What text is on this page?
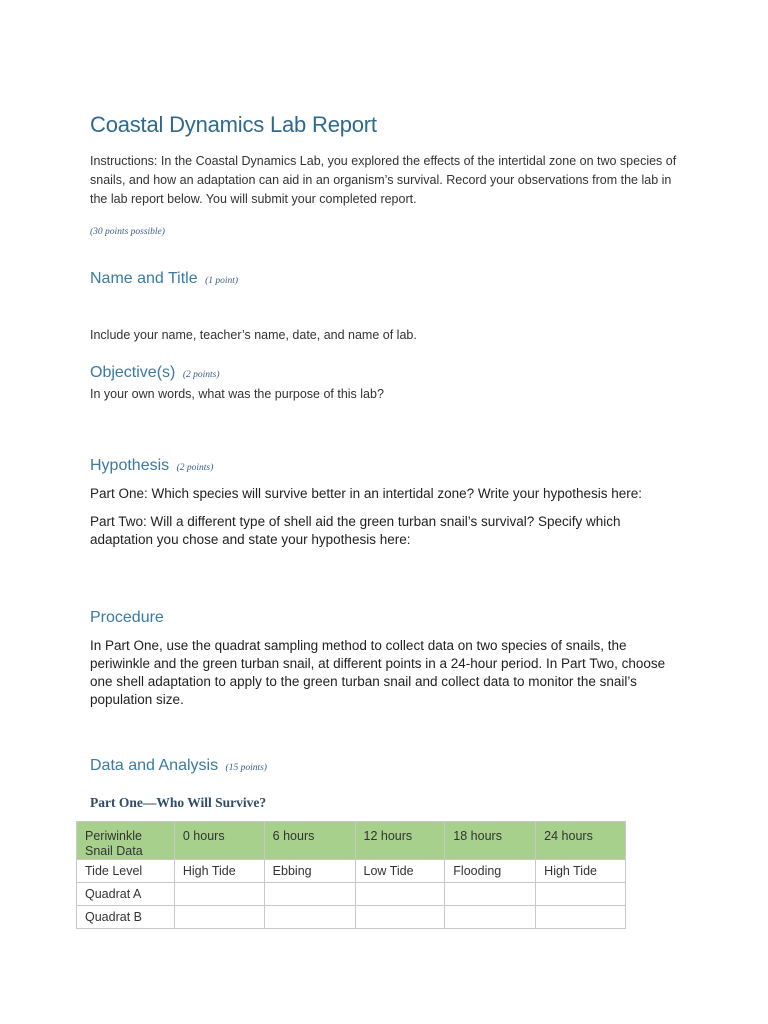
Coastal Dynamics Lab Report
Instructions: In the Coastal Dynamics Lab, you explored the effects of the intertidal zone on two species of snails, and how an adaptation can aid in an organism’s survival. Record your observations from the lab in the lab report below. You will submit your completed report.
(30 points possible)
Name and Title (1 point)
Include your name, teacher’s name, date, and name of lab.
Objective(s) (2 points)
In your own words, what was the purpose of this lab?
Hypothesis (2 points)
Part One: Which species will survive better in an intertidal zone? Write your hypothesis here:
Part Two: Will a different type of shell aid the green turban snail’s survival? Specify which adaptation you chose and state your hypothesis here:
Procedure
In Part One, use the quadrat sampling method to collect data on two species of snails, the periwinkle and the green turban snail, at different points in a 24-hour period. In Part Two, choose one shell adaptation to apply to the green turban snail and collect data to monitor the snail’s population size.
Data and Analysis (15 points)
Part One—Who Will Survive?
Periwinkle Snail Data	0 hours	6 hours	12 hours	18 hours	24 hours
Tide Level	High Tide	Ebbing	Low Tide	Flooding	High Tide
Quadrat A					
Quadrat B					
